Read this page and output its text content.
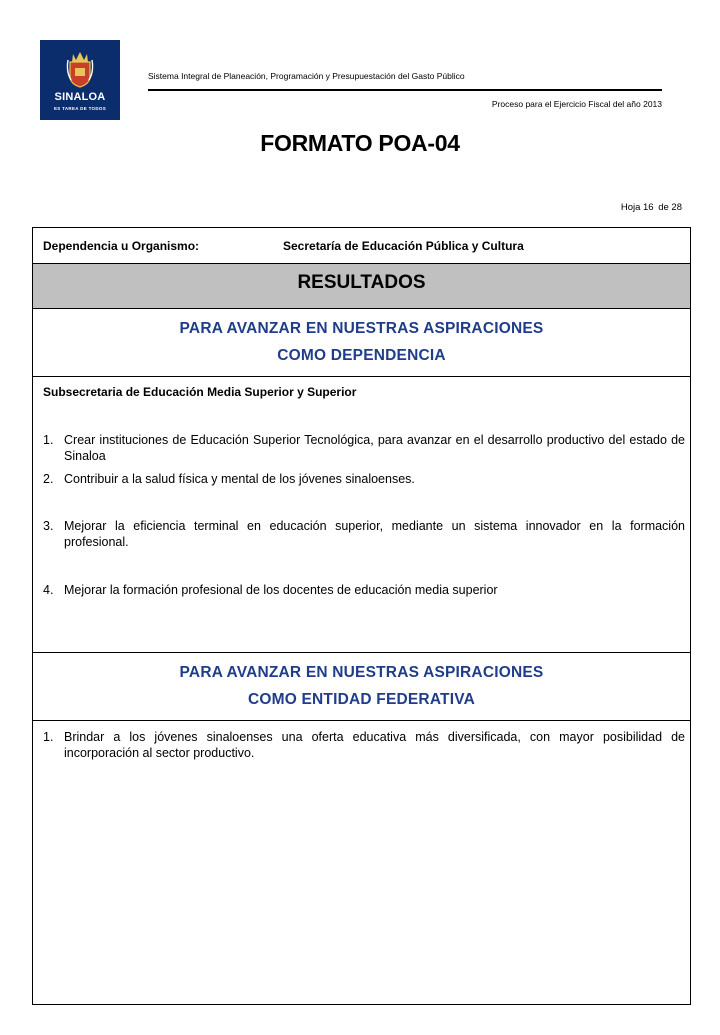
SINALOA
ES TAREA DE TODOS
Sistema Integral de Planeación, Programación y Presupuestación del Gasto Público
Proceso para el Ejercicio Fiscal del año 2013
FORMATO POA-04
Hoja 16 de 28
Dependencia u Organismo:	Secretaría de Educación Pública y Cultura
RESULTADOS
PARA AVANZAR EN NUESTRAS ASPIRACIONES
COMO DEPENDENCIA
Subsecretaria de Educación Media Superior y Superior
1. Crear instituciones de Educación Superior Tecnológica, para avanzar en el desarrollo productivo del estado de Sinaloa
2. Contribuir a la salud física y mental de los jóvenes sinaloenses.
3. Mejorar la eficiencia terminal en educación superior, mediante un sistema innovador en la formación profesional.
4. Mejorar la formación profesional de los docentes de educación media superior
PARA AVANZAR EN NUESTRAS ASPIRACIONES
COMO ENTIDAD FEDERATIVA
1. Brindar a los jóvenes sinaloenses una oferta educativa más diversificada, con mayor posibilidad de incorporación al sector productivo.
